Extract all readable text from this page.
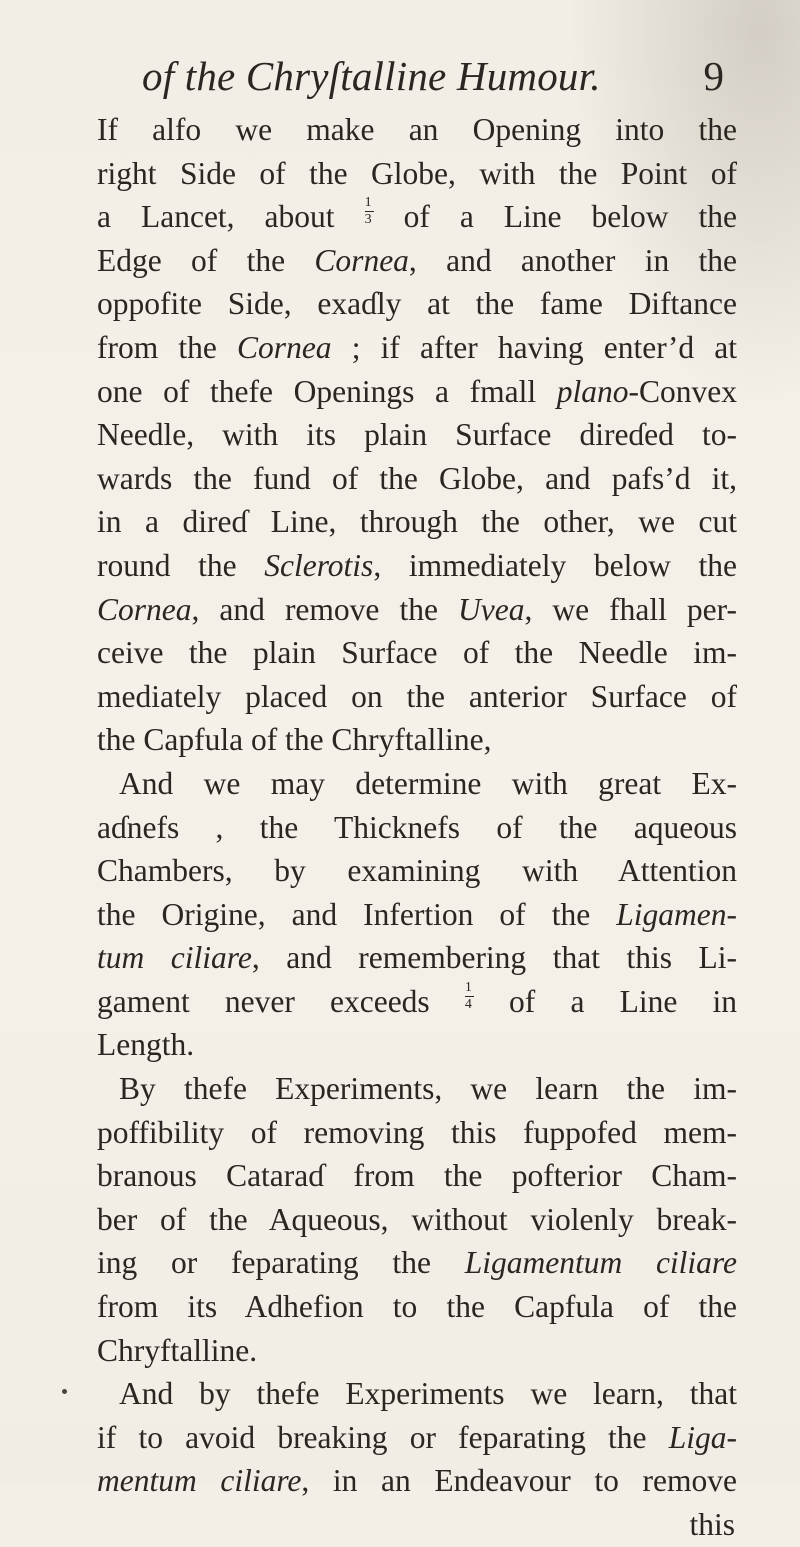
of the Chryſtalline Humour.	9
If alfo we make an Opening into the
right Side of the Globe, with the Point of
a Lancet, about $\frac{1}{3}$ of a Line below the
Edge of the Cornea, and another in the
oppofite Side, exaɗly at the fame Diftance
from the Cornea ; if after having enter’d at
one of thefe Openings a fmall plano-Convex
Needle, with its plain Surface direɗed to-
wards the fund of the Globe, and pafs’d it,
in a direɗ Line, through the other, we cut
round the Sclerotis, immediately below the
Cornea, and remove the Uvea, we fhall per-
ceive the plain Surface of the Needle im-
mediately placed on the anterior Surface of
the Capfula of the Chryftalline,
And we may determine with great Ex-
aɗnefs , the Thicknefs of the aqueous
Chambers, by examining with Attention
the Origine, and Infertion of the Ligamen-
tum ciliare, and remembering that this Li-
gament never exceeds	$\frac{1}{4}$ of a Line in
Length.
By thefe Experiments, we learn the im-
poffibility of removing this fuppofed mem-
branous Cataraɗ from the pofterior Cham-
ber of the Aqueous, without violenly break-
ing or feparating the Ligamentum ciliare
from its Adhefion to the Capfula of the
Chryftalline.
And by thefe Experiments we learn, that
if to avoid breaking or feparating the Liga-
mentum ciliare, in an Endeavour to remove
this
